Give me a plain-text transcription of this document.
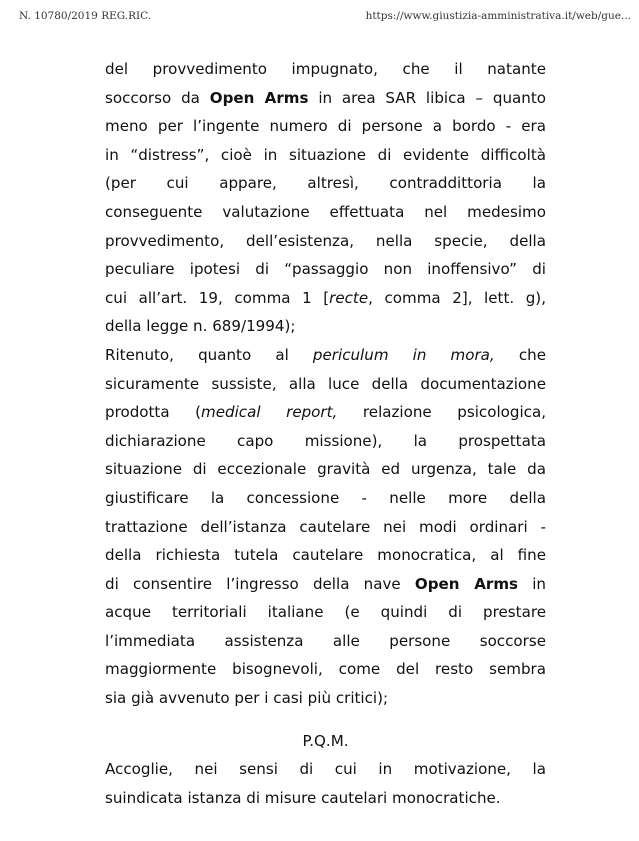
N. 10780/2019 REG.RIC.	https://www.giustizia-amministrativa.it/web/gue...

del provvedimento impugnato, che il natante

soccorso da Open Arms in area SAR libica – quanto

meno per l’ingente numero di persone a bordo - era

in “distress”, cioè in situazione di evidente difficoltà

(per cui appare, altresì, contraddittoria la

conseguente valutazione effettuata nel medesimo

provvedimento, dell’esistenza, nella specie, della

peculiare ipotesi di “passaggio non inoffensivo” di

cui all’art. 19, comma 1 [recte, comma 2], lett. g),

della legge n. 689/1994);

Ritenuto, quanto al periculum in mora, che

sicuramente sussiste, alla luce della documentazione

prodotta (medical report, relazione psicologica,

dichiarazione capo missione), la prospettata

situazione di eccezionale gravità ed urgenza, tale da

giustificare la concessione - nelle more della

trattazione dell’istanza cautelare nei modi ordinari -

della richiesta tutela cautelare monocratica, al fine

di consentire l’ingresso della nave Open Arms in

acque territoriali italiane (e quindi di prestare

l’immediata assistenza alle persone soccorse

maggiormente bisognevoli, come del resto sembra

sia già avvenuto per i casi più critici);

P.Q.M.

Accoglie, nei sensi di cui in motivazione, la

suindicata istanza di misure cautelari monocratiche.
